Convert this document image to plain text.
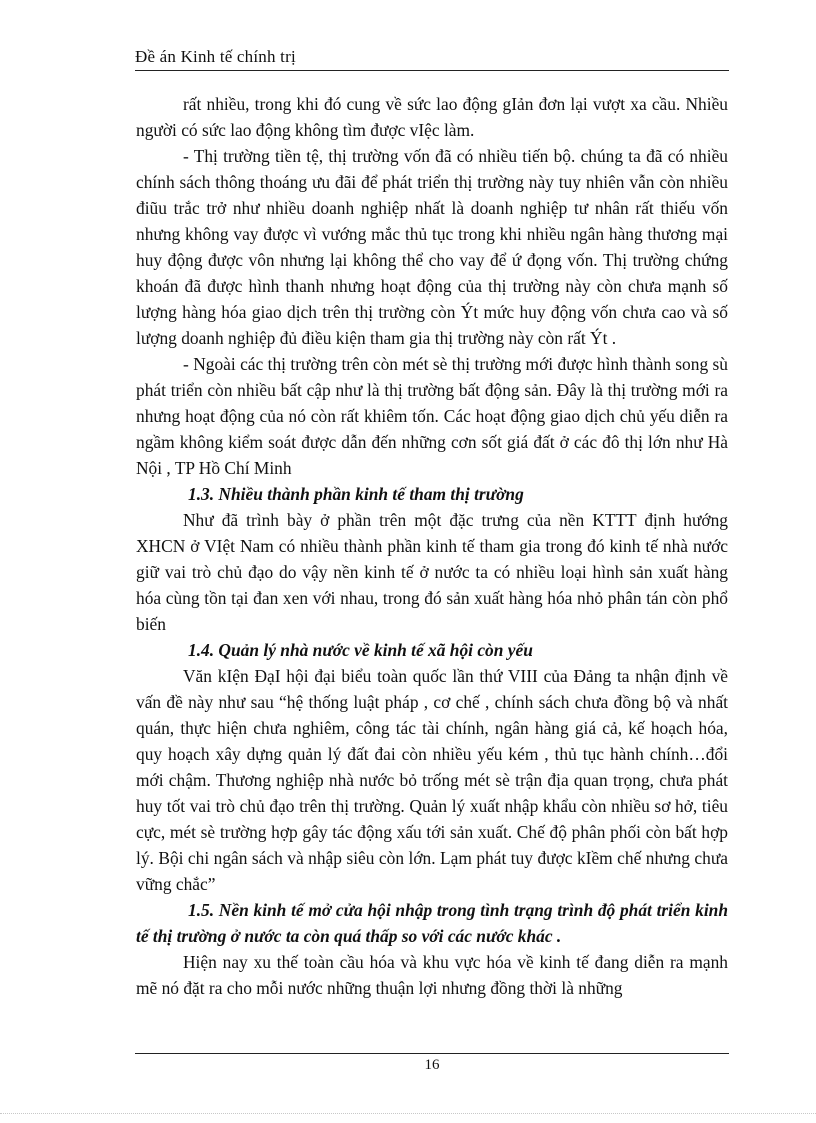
Đề án Kinh tế chính trị

rất nhiều, trong khi đó cung về sức lao động gIản đơn lại vượt xa cầu. Nhiều người có sức lao động không tìm được vIệc làm.

- Thị trường tiền tệ, thị trường vốn đã có nhiều tiến bộ. chúng ta đã có nhiều chính sách thông thoáng ưu đãi để phát triển thị trường này tuy nhiên vẫn còn nhiều điũu trắc trở như nhiều doanh nghiệp nhất là doanh nghiệp tư nhân rất thiếu vốn nhưng không vay được vì vướng mắc thủ tục trong khi nhiều ngân hàng thương mại huy động được vôn nhưng lại không thể cho vay để ứ đọng vốn. Thị trường chứng khoán đã được hình thanh nhưng hoạt động của thị trường này còn chưa mạnh số lượng hàng hóa giao dịch trên thị trường còn Ýt mức huy động vốn chưa cao và số lượng doanh nghiệp đủ điều kiện tham gia thị trường này còn rất Ýt .

- Ngoài các thị trường trên còn mét sè thị trường mới được hình thành song sù phát triển còn nhiều bất cập như là thị trường bất động sản. Đây là thị trường mới ra nhưng hoạt động của nó còn rất khiêm tốn. Các hoạt động giao dịch chủ yếu diễn ra ngầm không kiểm soát được dẫn đến những cơn sốt giá đất ở các đô thị lớn như Hà Nội , TP Hồ Chí Minh

1.3. Nhiều thành phần kinh tế tham thị trường

Như đã trình bày ở phần trên một đặc trưng của nền KTTT định hướng XHCN ở VIệt Nam có nhiều thành phần kinh tế tham gia trong đó kinh tế nhà nước giữ vai trò chủ đạo do vậy nền kinh tế ở nước ta có nhiều loại hình sản xuất hàng hóa cùng tồn tại đan xen với nhau, trong đó sản xuất hàng hóa nhỏ phân tán còn phổ biến

1.4. Quản lý nhà nước về kinh tế xã hội còn yếu

Văn kIện ĐạI hội đại biểu toàn quốc lần thứ VIII của Đảng ta nhận định về vấn đề này như sau “hệ thống luật pháp , cơ chế , chính sách chưa đồng bộ và nhất quán, thực hiện chưa nghiêm, công tác tài chính, ngân hàng giá cả, kế hoạch hóa, quy hoạch xây dựng quản lý đất đai còn nhiều yếu kém , thủ tục hành chính…đổi mới chậm. Thương nghiệp nhà nước bỏ trống mét sè trận địa quan trọng, chưa phát huy tốt vai trò chủ đạo trên thị trường. Quản lý xuất nhập khẩu còn nhiều sơ hở, tiêu cực, mét sè trường hợp gây tác động xấu tới sản xuất. Chế độ phân phối còn bất hợp lý. Bội chi ngân sách và nhập siêu còn lớn. Lạm phát tuy được kIềm chế nhưng chưa vững chắc”

1.5. Nền kinh tế mở cửa hội nhập trong tình trạng trình độ phát triển kinh tế thị trường ở nước ta còn quá thấp so với các nước khác .

Hiện nay xu thế toàn cầu hóa và khu vực hóa về kinh tế đang diễn ra mạnh mẽ nó đặt ra cho mỗi nước những thuận lợi nhưng đồng thời là những

16
